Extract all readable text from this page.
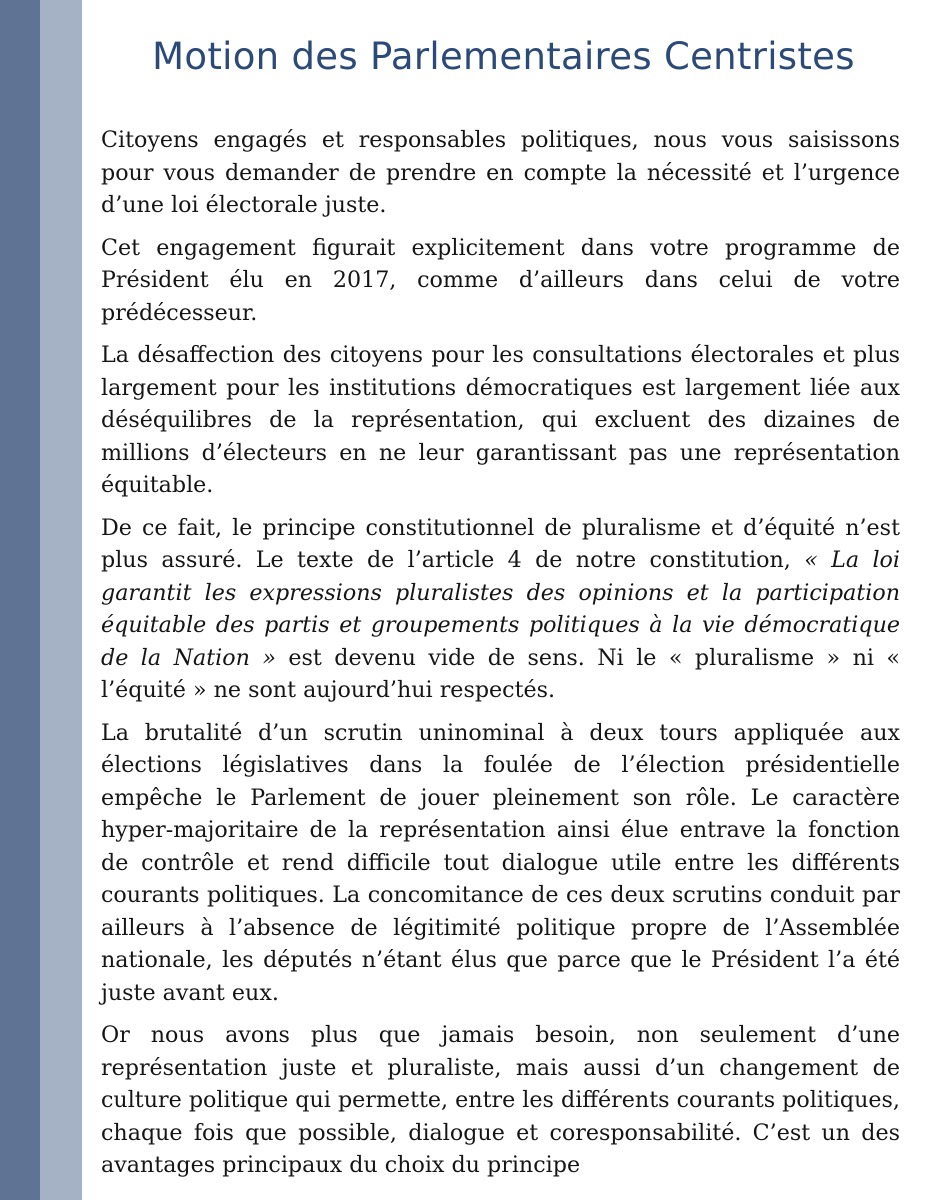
Motion des Parlementaires Centristes

Citoyens engagés et responsables politiques, nous vous saisissons pour vous demander de prendre en compte la nécessité et l’urgence d’une loi électorale juste.

Cet engagement figurait explicitement dans votre programme de Président élu en 2017, comme d’ailleurs dans celui de votre prédécesseur.

La désaffection des citoyens pour les consultations électorales et plus largement pour les institutions démocratiques est largement liée aux déséquilibres de la représentation, qui excluent des dizaines de millions d’électeurs en ne leur garantissant pas une représentation équitable.

De ce fait, le principe constitutionnel de pluralisme et d’équité n’est plus assuré. Le texte de l’article 4 de notre constitution, « La loi garantit les expressions pluralistes des opinions et la participation équitable des partis et groupements politiques à la vie démocratique de la Nation » est devenu vide de sens. Ni le « pluralisme » ni « l’équité » ne sont aujourd’hui respectés.

La brutalité d’un scrutin uninominal à deux tours appliquée aux élections législatives dans la foulée de l’élection présidentielle empêche le Parlement de jouer pleinement son rôle. Le caractère hyper-majoritaire de la représentation ainsi élue entrave la fonction de contrôle et rend difficile tout dialogue utile entre les différents courants politiques. La concomitance de ces deux scrutins conduit par ailleurs à l’absence de légitimité politique propre de l’Assemblée nationale, les députés n’étant élus que parce que le Président l’a été juste avant eux.

Or nous avons plus que jamais besoin, non seulement d’une représentation juste et pluraliste, mais aussi d’un changement de culture politique qui permette, entre les différents courants politiques, chaque fois que possible, dialogue et coresponsabilité. C’est un des avantages principaux du choix du principe
